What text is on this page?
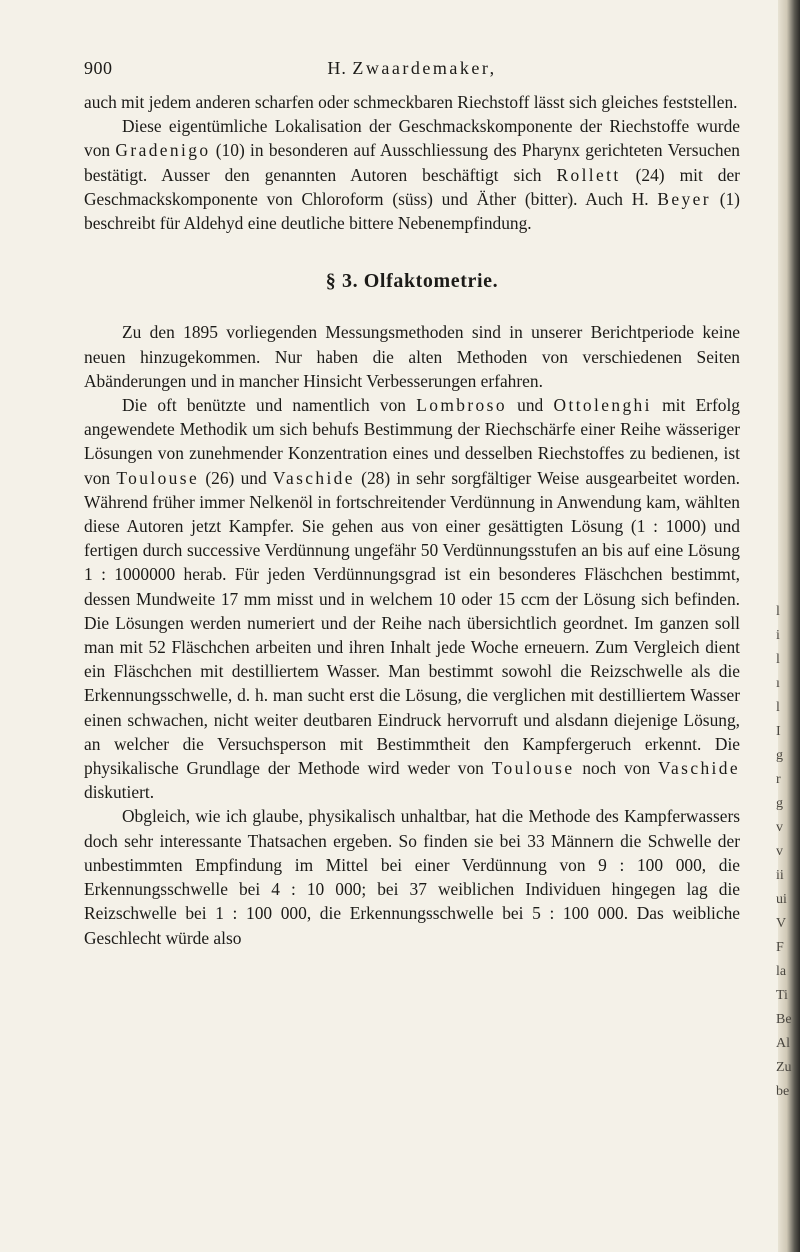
900	H. Zwaardemaker,

auch mit jedem anderen scharfen oder schmeckbaren Riechstoff lässt sich gleiches feststellen.

Diese eigentümliche Lokalisation der Geschmackskomponente der Riechstoffe wurde von Gradenigo (10) in besonderen auf Ausschliessung des Pharynx gerichteten Versuchen bestätigt. Ausser den genannten Autoren beschäftigt sich Rollett (24) mit der Geschmackskomponente von Chloroform (süss) und Äther (bitter). Auch H. Beyer (1) beschreibt für Aldehyd eine deutliche bittere Nebenempfindung.

§ 3. Olfaktometrie.

Zu den 1895 vorliegenden Messungsmethoden sind in unserer Berichtperiode keine neuen hinzugekommen. Nur haben die alten Methoden von verschiedenen Seiten Abänderungen und in mancher Hinsicht Verbesserungen erfahren.

Die oft benützte und namentlich von Lombroso und Ottolenghi mit Erfolg angewendete Methodik um sich behufs Bestimmung der Riechschärfe einer Reihe wässeriger Lösungen von zunehmender Konzentration eines und desselben Riechstoffes zu bedienen, ist von Toulouse (26) und Vaschide (28) in sehr sorgfältiger Weise ausgearbeitet worden. Während früher immer Nelkenöl in fortschreitender Verdünnung in Anwendung kam, wählten diese Autoren jetzt Kampfer. Sie gehen aus von einer gesättigten Lösung (1 : 1000) und fertigen durch successive Verdünnung ungefähr 50 Verdünnungsstufen an bis auf eine Lösung 1 : 1000000 herab. Für jeden Verdünnungsgrad ist ein besonderes Fläschchen bestimmt, dessen Mundweite 17 mm misst und in welchem 10 oder 15 ccm der Lösung sich befinden. Die Lösungen werden numeriert und der Reihe nach übersichtlich geordnet. Im ganzen soll man mit 52 Fläschchen arbeiten und ihren Inhalt jede Woche erneuern. Zum Vergleich dient ein Fläschchen mit destilliertem Wasser. Man bestimmt sowohl die Reizschwelle als die Erkennungsschwelle, d. h. man sucht erst die Lösung, die verglichen mit destilliertem Wasser einen schwachen, nicht weiter deutbaren Eindruck hervorruft und alsdann diejenige Lösung, an welcher die Versuchsperson mit Bestimmtheit den Kampfergeruch erkennt. Die physikalische Grundlage der Methode wird weder von Toulouse noch von Vaschide diskutiert.

Obgleich, wie ich glaube, physikalisch unhaltbar, hat die Methode des Kampferwassers doch sehr interessante Thatsachen ergeben. So finden sie bei 33 Männern die Schwelle der unbestimmten Empfindung im Mittel bei einer Verdünnung von 9 : 100 000, die Erkennungsschwelle bei 4 : 10 000; bei 37 weiblichen Individuen hingegen lag die Reizschwelle bei 1 : 100 000, die Erkennungsschwelle bei 5 : 100 000. Das weibliche Geschlecht würde also

l
i
l
ı
l
I
g
r
g
v
v
ii
ui
V
F
la
Ti
Be
Al
Zu
be
